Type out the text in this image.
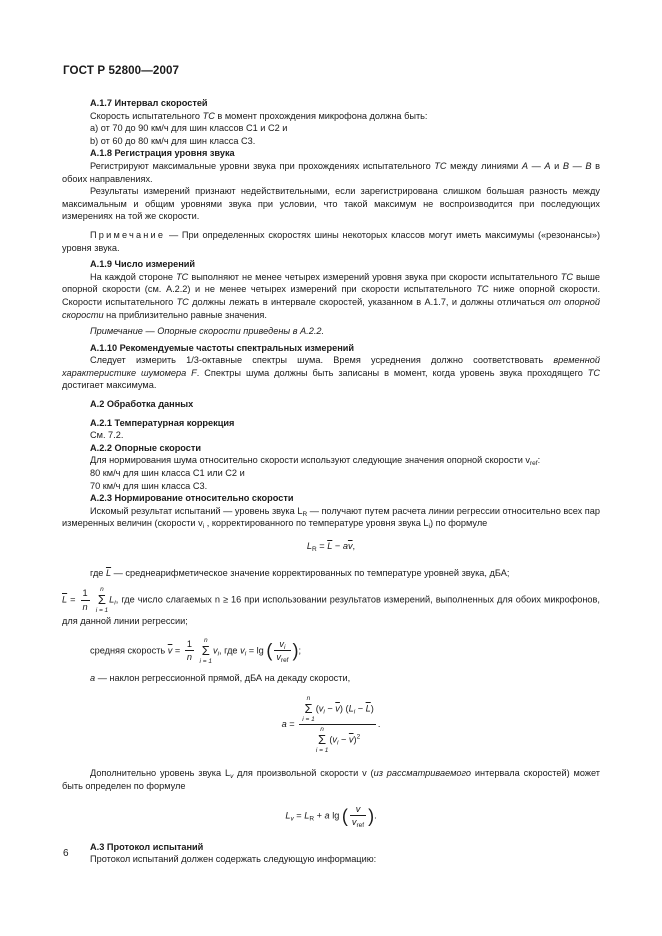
ГОСТ Р 52800—2007
А.1.7 Интервал скоростей
Скорость испытательного ТС в момент прохождения микрофона должна быть:
а) от 70 до 90 км/ч для шин классов С1 и С2 и
b) от 60 до 80 км/ч для шин класса С3.
А.1.8 Регистрация уровня звука
Регистрируют максимальные уровни звука при прохождениях испытательного ТС между линиями А — А и В — В в обоих направлениях.
Результаты измерений признают недействительными, если зарегистрирована слишком большая разность между максимальным и общим уровнями звука при условии, что такой максимум не воспроизводится при последующих измерениях на той же скорости.
Примечание — При определенных скоростях шины некоторых классов могут иметь максимумы («резонансы») уровня звука.
А.1.9 Число измерений
На каждой стороне ТС выполняют не менее четырех измерений уровня звука при скорости испытательного ТС выше опорной скорости (см. А.2.2) и не менее четырех измерений при скорости испытательного ТС ниже опорной скорости. Скорости испытательного ТС должны лежать в интервале скоростей, указанном в А.1.7, и должны отличаться от опорной скорости на приблизительно равные значения.
Примечание — Опорные скорости приведены в А.2.2.
А.1.10 Рекомендуемые частоты спектральных измерений
Следует измерить 1/3-октавные спектры шума. Время усреднения должно соответствовать временной характеристике шумомера F. Спектры шума должны быть записаны в момент, когда уровень звука проходящего ТС достигает максимума.
А.2 Обработка данных
А.2.1 Температурная коррекция
См. 7.2.
А.2.2 Опорные скорости
Для нормирования шума относительно скорости используют следующие значения опорной скорости $v_{ref}$:
80 км/ч для шин класса С1 или С2 и
70 км/ч для шин класса С3.
А.2.3 Нормирование относительно скорости
Искомый результат испытаний — уровень звука $L_R$ — получают путем расчета линии регрессии относительно всех пар измеренных величин (скорости $v_i$ , корректированного по температуре уровня звука $L_i$) по формуле
$L_R = \overline{L} - a\overline{v}$,
где $\overline{L}$ — среднеарифметическое значение корректированных по температуре уровней звука, дБА;
$\overline{L} = \frac{1}{n}$
	n
Σ
i = 1
$L_i$, где число слагаемых n ≥ 16 при использовании результатов измерений, выполненных для обоих микрофонов, для данной линии регрессии;
средняя скорость $\overline{v} = \frac{1}{n}$
	n
Σ
i = 1
$v_i$, где $v_i = \lg$ ( $\frac{v_i}{v_{ref}}$ );
a — наклон регрессионной прямой, дБА на декаду скорости,
a = n
Σ
i = 1
$(v_i - \overline{v}) (L_i - \overline{L})$
n
Σ
i = 1
$(v_i - \overline{v})^2$ .
Дополнительно уровень звука $L_v$ для произвольной скорости v (из рассматриваемого интервала скоростей) может быть определен по формуле
$L_v = L_R + a$ lg ( $\frac{v}{v_{ref}}$ ).
А.3 Протокол испытаний
Протокол испытаний должен содержать следующую информацию:
6
